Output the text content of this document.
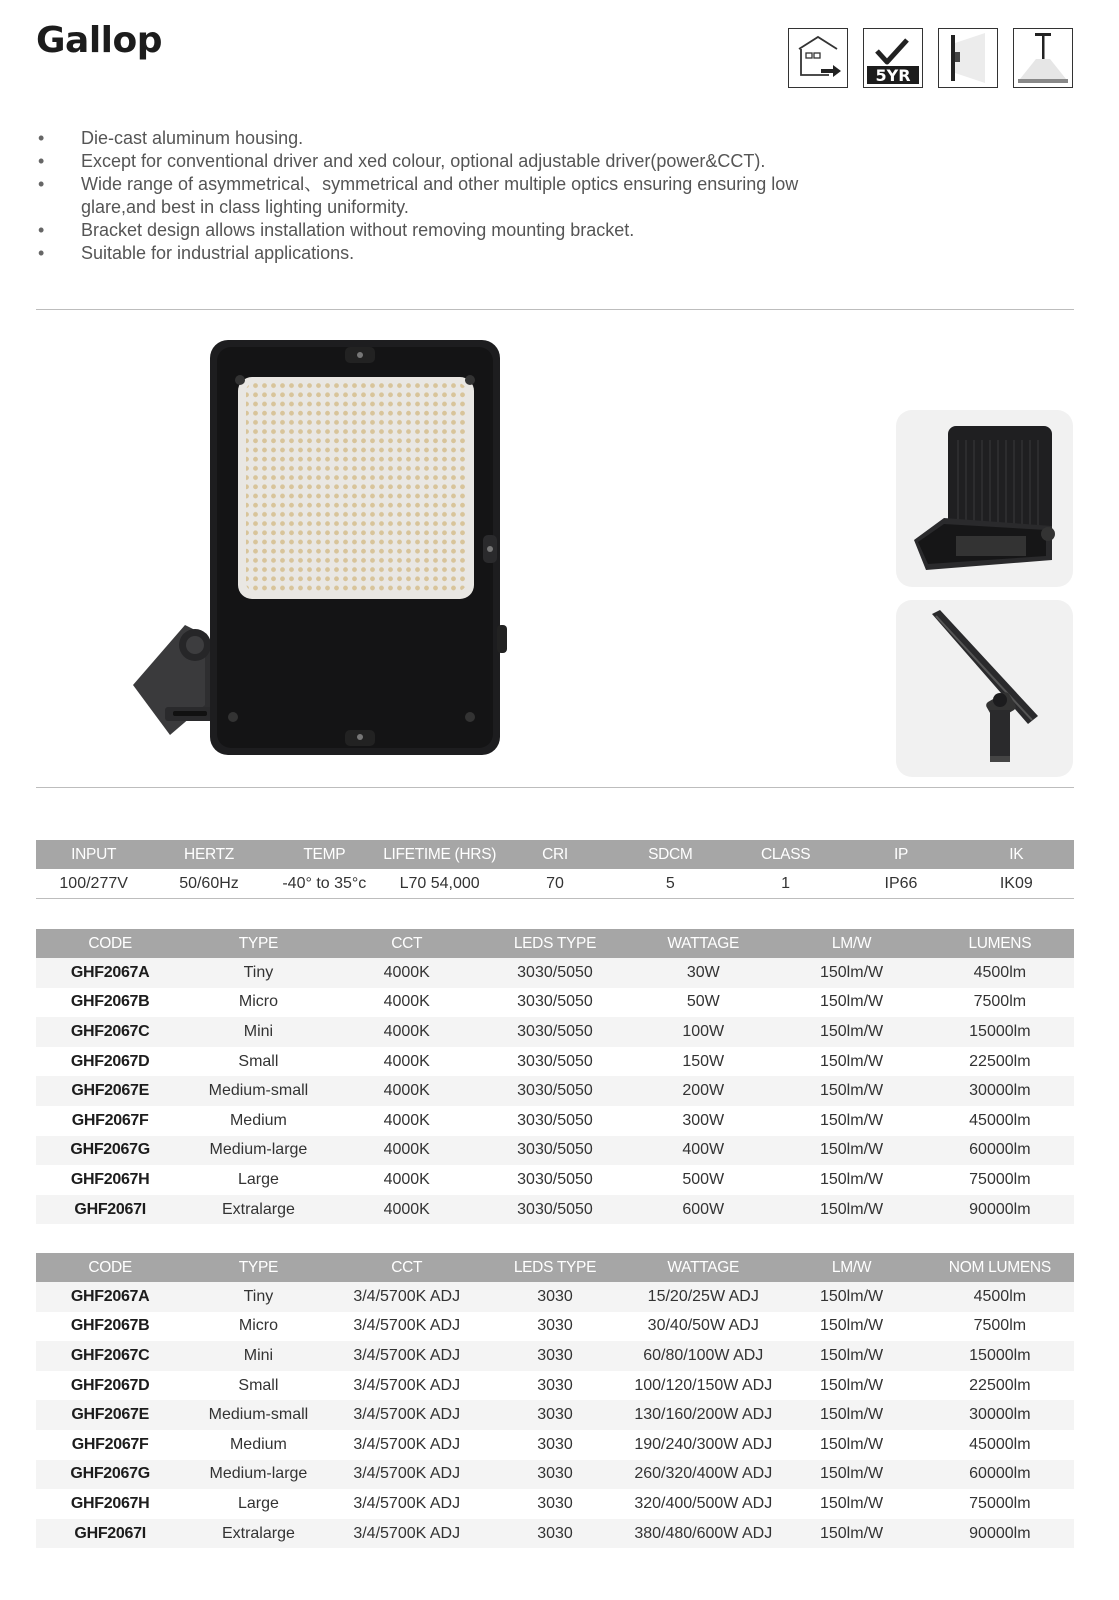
Gallop
5YR
• Die-cast aluminum housing.
• Except for conventional driver and xed colour, optional adjustable driver(power&CCT).
• Wide range of asymmetrical、symmetrical and other multiple optics ensuring ensuring low glare,and best in class lighting uniformity.
• Bracket design allows installation without removing mounting bracket.
• Suitable for industrial applications.
INPUT	HERTZ	TEMP	LIFETIME (HRS)	CRI	SDCM	CLASS	IP	IK
100/277V	50/60Hz	-40° to 35°c	L70 54,000	70	5	1	IP66	IK09
CODE	TYPE	CCT	LEDS TYPE	WATTAGE	LM/W	LUMENS
GHF2067A	Tiny	4000K	3030/5050	30W	150lm/W	4500lm
GHF2067B	Micro	4000K	3030/5050	50W	150lm/W	7500lm
GHF2067C	Mini	4000K	3030/5050	100W	150lm/W	15000lm
GHF2067D	Small	4000K	3030/5050	150W	150lm/W	22500lm
GHF2067E	Medium-small	4000K	3030/5050	200W	150lm/W	30000lm
GHF2067F	Medium	4000K	3030/5050	300W	150lm/W	45000lm
GHF2067G	Medium-large	4000K	3030/5050	400W	150lm/W	60000lm
GHF2067H	Large	4000K	3030/5050	500W	150lm/W	75000lm
GHF2067I	Extralarge	4000K	3030/5050	600W	150lm/W	90000lm
CODE	TYPE	CCT	LEDS TYPE	WATTAGE	LM/W	NOM LUMENS
GHF2067A	Tiny	3/4/5700K ADJ	3030	15/20/25W ADJ	150lm/W	4500lm
GHF2067B	Micro	3/4/5700K ADJ	3030	30/40/50W ADJ	150lm/W	7500lm
GHF2067C	Mini	3/4/5700K ADJ	3030	60/80/100W ADJ	150lm/W	15000lm
GHF2067D	Small	3/4/5700K ADJ	3030	100/120/150W ADJ	150lm/W	22500lm
GHF2067E	Medium-small	3/4/5700K ADJ	3030	130/160/200W ADJ	150lm/W	30000lm
GHF2067F	Medium	3/4/5700K ADJ	3030	190/240/300W ADJ	150lm/W	45000lm
GHF2067G	Medium-large	3/4/5700K ADJ	3030	260/320/400W ADJ	150lm/W	60000lm
GHF2067H	Large	3/4/5700K ADJ	3030	320/400/500W ADJ	150lm/W	75000lm
GHF2067I	Extralarge	3/4/5700K ADJ	3030	380/480/600W ADJ	150lm/W	90000lm
